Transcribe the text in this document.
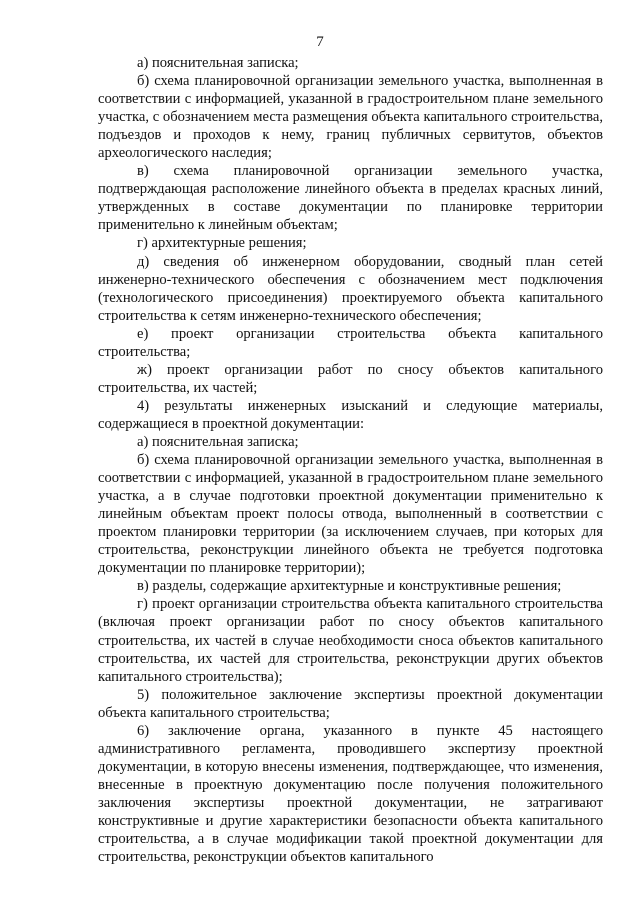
7

а) пояснительная записка;

б) схема планировочной организации земельного участка, выполненная в соответствии с информацией, указанной в градостроительном плане земельного участка, с обозначением места размещения объекта капитального строительства, подъездов и проходов к нему, границ публичных сервитутов, объектов археологического наследия;

в) схема планировочной организации земельного участка, подтверждающая расположение линейного объекта в пределах красных линий, утвержденных в составе документации по планировке территории применительно к линейным объектам;

г) архитектурные решения;

д) сведения об инженерном оборудовании, сводный план сетей инженерно-технического обеспечения с обозначением мест подключения (технологического присоединения) проектируемого объекта капитального строительства к сетям инженерно-технического обеспечения;

е) проект организации строительства объекта капитального строительства;

ж) проект организации работ по сносу объектов капитального строительства, их частей;

4) результаты инженерных изысканий и следующие материалы, содержащиеся в проектной документации:

а) пояснительная записка;

б) схема планировочной организации земельного участка, выполненная в соответствии с информацией, указанной в градостроительном плане земельного участка, а в случае подготовки проектной документации применительно к линейным объектам проект полосы отвода, выполненный в соответствии с проектом планировки территории (за исключением случаев, при которых для строительства, реконструкции линейного объекта не требуется подготовка документации по планировке территории);

в) разделы, содержащие архитектурные и конструктивные решения;

г) проект организации строительства объекта капитального строительства (включая проект организации работ по сносу объектов капитального строительства, их частей в случае необходимости сноса объектов капитального строительства, их частей для строительства, реконструкции других объектов капитального строительства);

5) положительное заключение экспертизы проектной документации объекта капитального строительства;

6) заключение органа, указанного в пункте 45 настоящего административного регламента, проводившего экспертизу проектной документации, в которую внесены изменения, подтверждающее, что изменения, внесенные в проектную документацию после получения положительного заключения экспертизы проектной документации, не затрагивают конструктивные и другие характеристики безопасности объекта капитального строительства, а в случае модификации такой проектной документации для строительства, реконструкции объектов капитального
